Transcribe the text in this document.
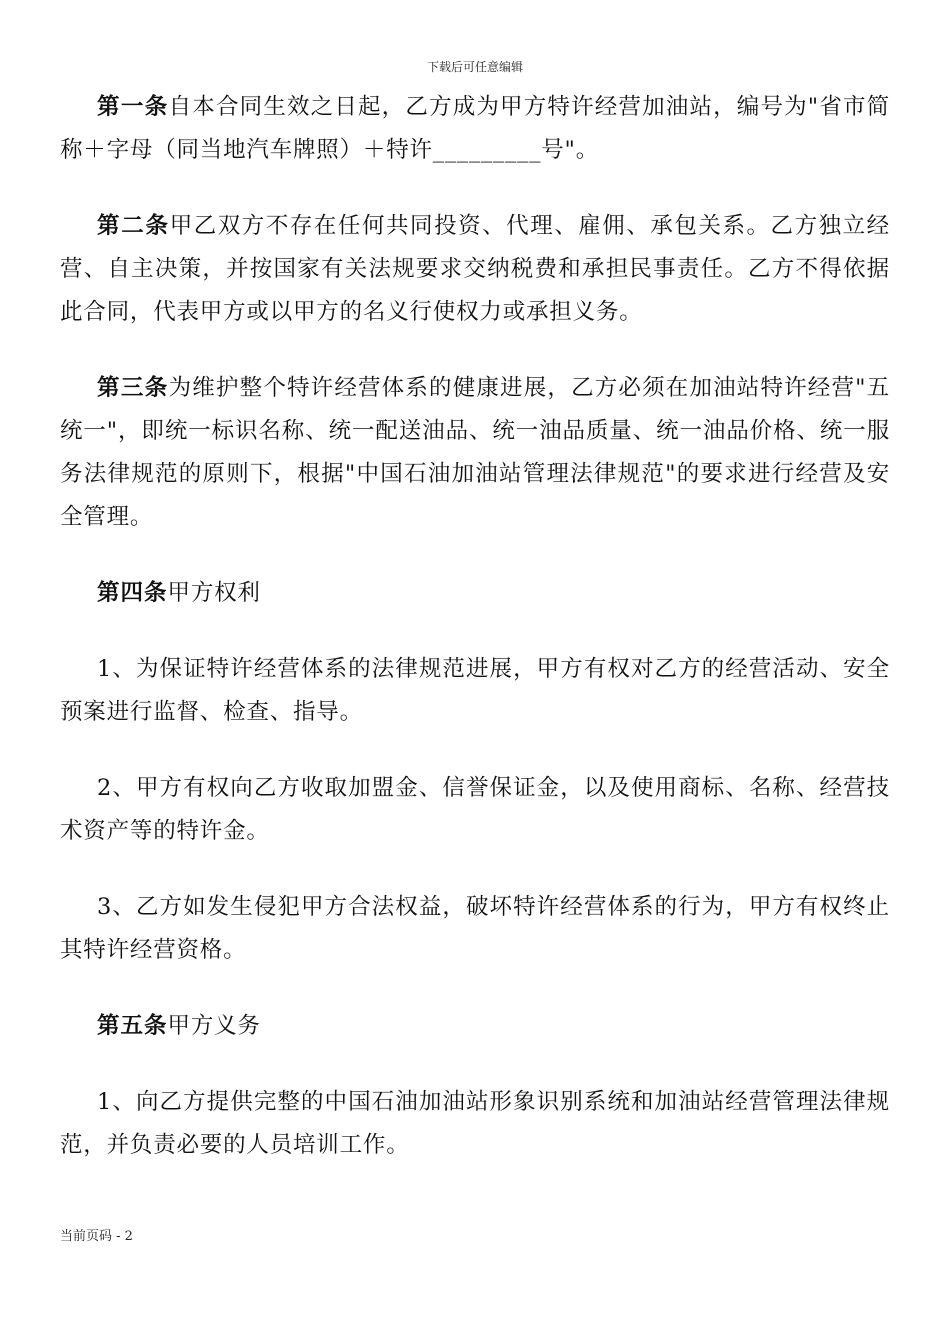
下载后可任意编辑

第一条自本合同生效之日起，乙方成为甲方特许经营加油站，编号为"省市简称＋字母（同当地汽车牌照）＋特许_________号"。

第二条甲乙双方不存在任何共同投资、代理、雇佣、承包关系。乙方独立经营、自主决策，并按国家有关法规要求交纳税费和承担民事责任。乙方不得依据此合同，代表甲方或以甲方的名义行使权力或承担义务。

第三条为维护整个特许经营体系的健康进展，乙方必须在加油站特许经营"五统一"，即统一标识名称、统一配送油品、统一油品质量、统一油品价格、统一服务法律规范的原则下，根据"中国石油加油站管理法律规范"的要求进行经营及安全管理。

第四条甲方权利

1、为保证特许经营体系的法律规范进展，甲方有权对乙方的经营活动、安全预案进行监督、检查、指导。

2、甲方有权向乙方收取加盟金、信誉保证金，以及使用商标、名称、经营技术资产等的特许金。

3、乙方如发生侵犯甲方合法权益，破坏特许经营体系的行为，甲方有权终止其特许经营资格。

第五条甲方义务

1、向乙方提供完整的中国石油加油站形象识别系统和加油站经营管理法律规范，并负责必要的人员培训工作。

当前页码 - 2
